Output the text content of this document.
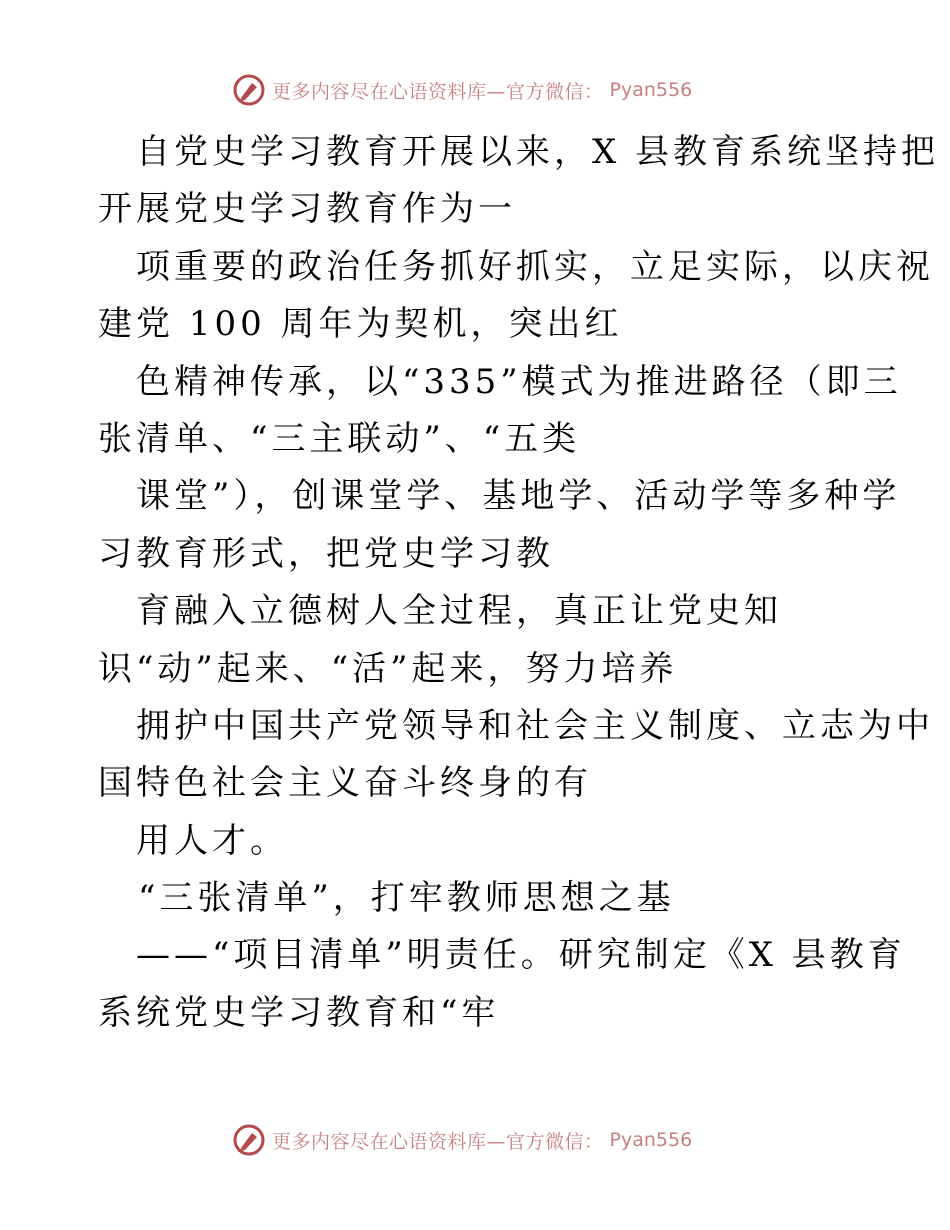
更多内容尽在心语资料库—官方微信： Pyan556
自党史学习教育开展以来，X 县教育系统坚持把
开展党史学习教育作为一
项重要的政治任务抓好抓实，立足实际，以庆祝
建党 100 周年为契机，突出红
色精神传承，以“335”模式为推进路径（即三
张清单、“三主联动”、“五类
课堂”），创课堂学、基地学、活动学等多种学
习教育形式，把党史学习教
育融入立德树人全过程，真正让党史知
识“动”起来、“活”起来，努力培养
拥护中国共产党领导和社会主义制度、立志为中
国特色社会主义奋斗终身的有
用人才。
“三张清单”，打牢教师思想之基
——“项目清单”明责任。研究制定《X 县教育
系统党史学习教育和“牢
更多内容尽在心语资料库—官方微信： Pyan556
